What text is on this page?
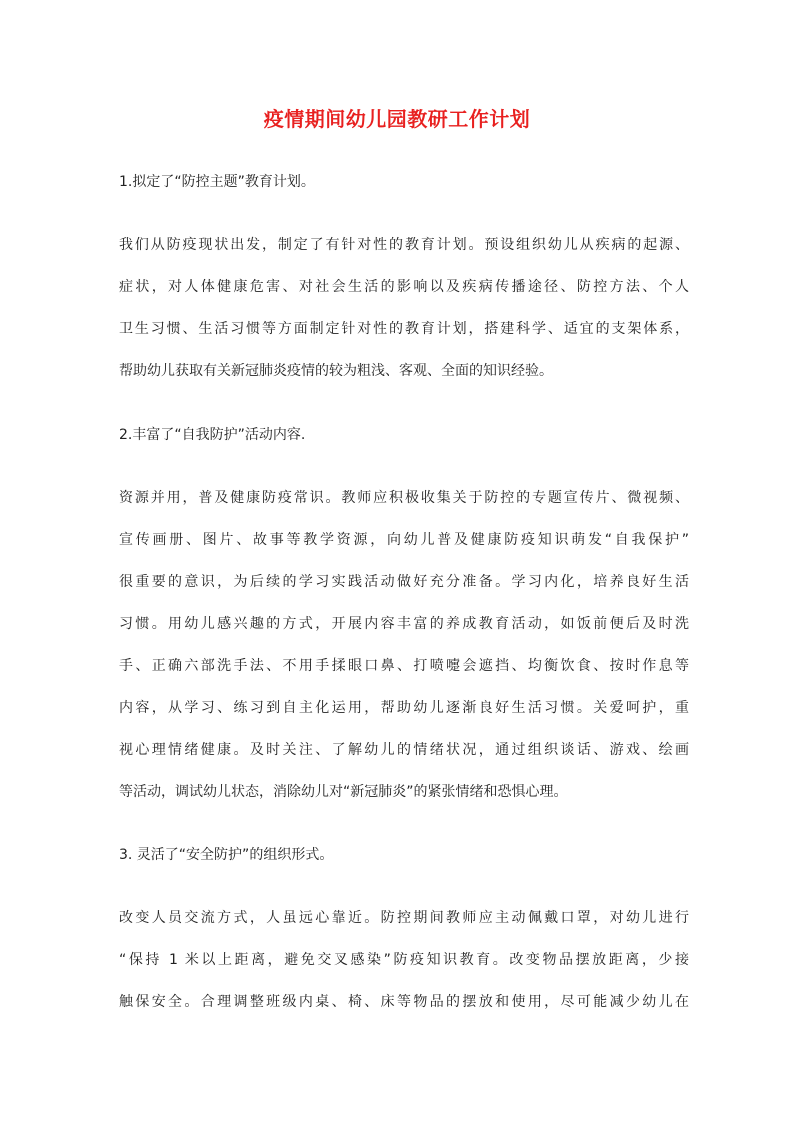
疫情期间幼儿园教研工作计划
1.拟定了“防控主题”教育计划。
我们从防疫现状出发，制定了有针对性的教育计划。预设组织幼儿从疾病的起源、
症状，对人体健康危害、对社会生活的影响以及疾病传播途径、防控方法、个人
卫生习惯、生活习惯等方面制定针对性的教育计划，搭建科学、适宜的支架体系，
帮助幼儿获取有关新冠肺炎疫情的较为粗浅、客观、全面的知识经验。
2.丰富了“自我防护”活动内容.
资源并用，普及健康防疫常识。教师应积极收集关于防控的专题宣传片、微视频、
宣传画册、图片、故事等教学资源，向幼儿普及健康防疫知识萌发“自我保护”
很重要的意识，为后续的学习实践活动做好充分准备。学习内化，培养良好生活
习惯。用幼儿感兴趣的方式，开展内容丰富的养成教育活动，如饭前便后及时洗
手、正确六部洗手法、不用手揉眼口鼻、打喷嚏会遮挡、均衡饮食、按时作息等
内容，从学习、练习到自主化运用，帮助幼儿逐渐良好生活习惯。关爱呵护，重
视心理情绪健康。及时关注、了解幼儿的情绪状况，通过组织谈话、游戏、绘画
等活动，调试幼儿状态，消除幼儿对“新冠肺炎”的紧张情绪和恐惧心理。
3. 灵活了“安全防护”的组织形式。
改变人员交流方式，人虽远心靠近。防控期间教师应主动佩戴口罩，对幼儿进行
“保持 1 米以上距离，避免交叉感染”防疫知识教育。改变物品摆放距离，少接
触保安全。合理调整班级内桌、椅、床等物品的摆放和使用，尽可能减少幼儿在
